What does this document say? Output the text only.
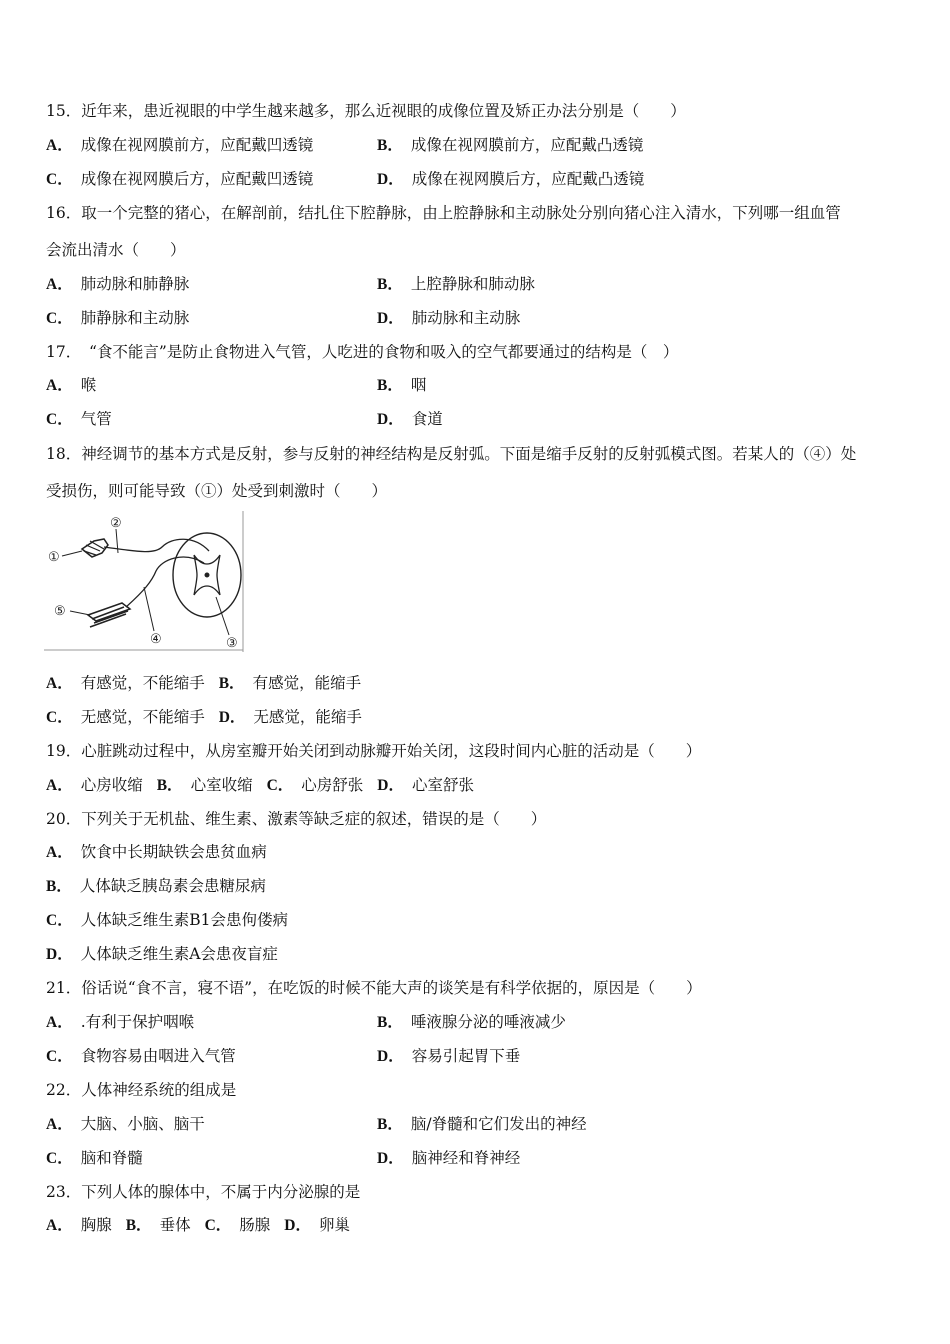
15．近年来，患近视眼的中学生越来越多，那么近视眼的成像位置及矫正办法分别是（　　）
A． 成像在视网膜前方，应配戴凹透镜	B． 成像在视网膜前方，应配戴凸透镜
C． 成像在视网膜后方，应配戴凹透镜	D． 成像在视网膜后方，应配戴凸透镜
16．取一个完整的猪心，在解剖前，结扎住下腔静脉，由上腔静脉和主动脉处分别向猪心注入清水，下列哪一组血管
会流出清水（　　）
A． 肺动脉和肺静脉	B． 上腔静脉和肺动脉
C． 肺静脉和主动脉	D． 肺动脉和主动脉
17．　“食不能言”是防止食物进入气管，人吃进的食物和吸入的空气都要通过的结构是（　）
A． 喉	B． 咽
C． 气管	D． 食道
18．神经调节的基本方式是反射，参与反射的神经结构是反射弧。下面是缩手反射的反射弧模式图。若某人的（④）处
受损伤，则可能导致（①）处受到刺激时（　　）
①
②
③
④
⑤
A． 有感觉，不能缩手 B． 有感觉，能缩手
C． 无感觉，不能缩手 D． 无感觉，能缩手
19．心脏跳动过程中，从房室瓣开始关闭到动脉瓣开始关闭，这段时间内心脏的活动是（　　）
A． 心房收缩 B． 心室收缩 C． 心房舒张 D． 心室舒张
20．下列关于无机盐、维生素、激素等缺乏症的叙述，错误的是（　　）
A． 饮食中长期缺铁会患贫血病
B． 人体缺乏胰岛素会患糖尿病
C． 人体缺乏维生素B1会患佝偻病
D． 人体缺乏维生素A会患夜盲症
21．俗话说“食不言，寝不语”，在吃饭的时候不能大声的谈笑是有科学依据的，原因是（　　）
A． .有利于保护咽喉	B． 唾液腺分泌的唾液减少
C． 食物容易由咽进入气管	D． 容易引起胃下垂
22．人体神经系统的组成是
A． 大脑、小脑、脑干	B． 脑/脊髓和它们发出的神经
C． 脑和脊髓	D． 脑神经和脊神经
23．下列人体的腺体中，不属于内分泌腺的是
A． 胸腺 B． 垂体 C． 肠腺 D． 卵巢
